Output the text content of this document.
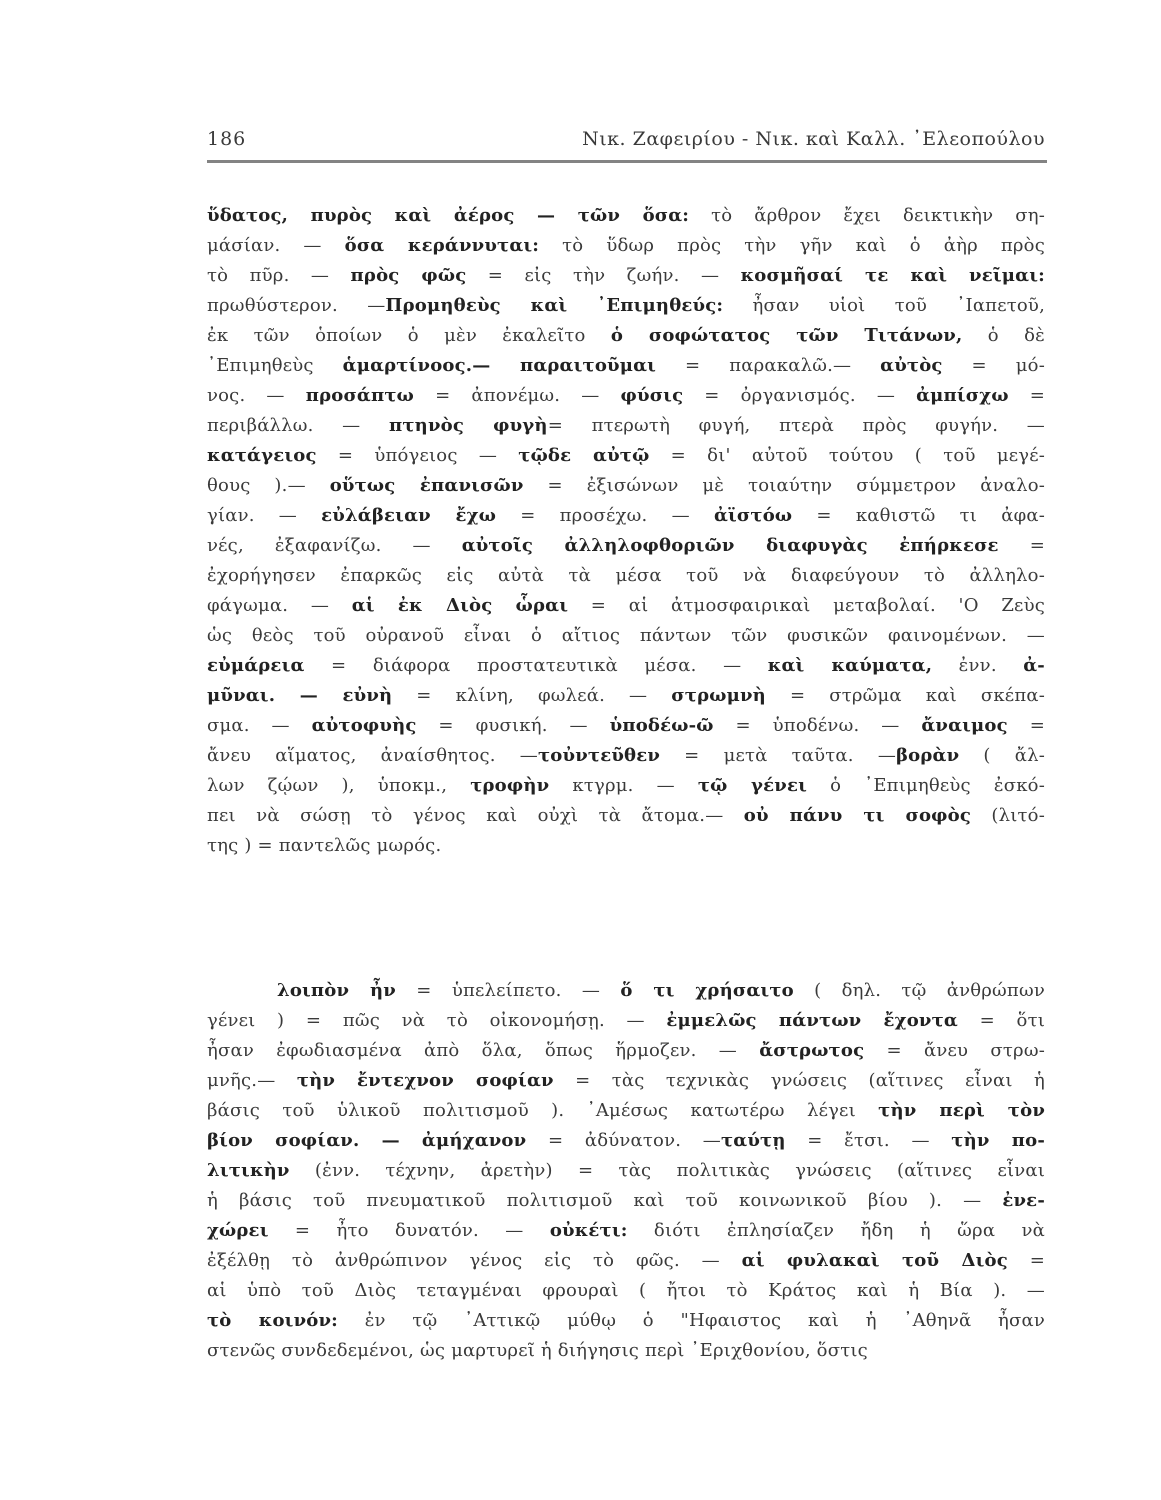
186	Νικ. Ζαφειρίου - Νικ. καὶ Καλλ. ᾿Ελεοπούλου
ὕδατος, πυρὸς καὶ ἀέρος — τῶν ὅσα: τὸ ἄρθρον ἔχει δεικτικὴν ση-
μάσίαν. — ὅσα κεράννυται: τὸ ὕδωρ πρὸς τὴν γῆν καὶ ὁ ἀὴρ πρὸς
τὸ πῦρ. — πρὸς φῶς = εἰς τὴν ζωήν. — κοσμῆσαί τε καὶ νεῖμαι:
πρωθύστερον. —Προμηθεὺς καὶ ᾿Επιμηθεύς: ἦσαν υἱοὶ τοῦ ᾿Ιαπετοῦ,
ἐκ τῶν ὁποίων ὁ μὲν ἐκαλεῖτο ὁ σοφώτατος τῶν Τιτάνων, ὁ δὲ
᾿Επιμηθεὺς ἁμαρτίνοος.— παραιτοῦμαι = παρακαλῶ.— αὐτὸς = μό-
νος. — προσάπτω = ἀπονέμω. — φύσις = ὀργανισμός. — ἀμπίσχω =
περιβάλλω. — πτηνὸς φυγὴ= πτερωτὴ φυγή, πτερὰ πρὸς φυγήν. —
κατάγειος = ὑπόγειος — τῷδε αὐτῷ = δι' αὐτοῦ τούτου ( τοῦ μεγέ-
θους ).— οὕτως ἐπανισῶν = ἐξισώνων μὲ τοιαύτην σύμμετρον ἀναλο-
γίαν. — εὐλάβειαν ἔχω = προσέχω. — ἀϊστόω = καθιστῶ τι ἀφα-
νές, ἐξαφανίζω. — αὐτοῖς ἀλληλοφθοριῶν διαφυγὰς ἐπήρκεσε =
ἐχορήγησεν ἐπαρκῶς εἰς αὐτὰ τὰ μέσα τοῦ νὰ διαφεύγουν τὸ ἀλληλο-
φάγωμα. — αἱ ἐκ Διὸς ὧραι = αἱ ἀτμοσφαιρικαὶ μεταβολαί. 'Ο Ζεὺς
ὡς θεὸς τοῦ οὐρανοῦ εἶναι ὁ αἴτιος πάντων τῶν φυσικῶν φαινομένων. —
εὐμάρεια = διάφορα προστατευτικὰ μέσα. — καὶ καύματα, ἐνν. ἀ-
μῦναι. — εὐνὴ = κλίνη, φωλεά. — στρωμνὴ = στρῶμα καὶ σκέπα-
σμα. — αὐτοφυὴς = φυσική. — ὑποδέω-ῶ = ὑποδένω. — ἄναιμος =
ἄνευ αἵματος, ἀναίσθητος. —τοὐντεῦθεν = μετὰ ταῦτα. —βορὰν ( ἄλ-
λων ζῴων ), ὑποκμ., τροφὴν κτγρμ. — τῷ γένει ὁ ᾿Επιμηθεὺς ἐσκό-
πει νὰ σώσῃ τὸ γένος καὶ οὐχὶ τὰ ἄτομα.— οὐ πάνυ τι σοφὸς (λιτό-
της ) = παντελῶς μωρός.
λοιπὸν ἦν = ὑπελείπετο. — ὅ τι χρήσαιτο ( δηλ. τῷ ἀνθρώπων
γένει ) = πῶς νὰ τὸ οἰκονομήσῃ. — ἐμμελῶς πάντων ἔχοντα = ὅτι
ἦσαν ἐφωδιασμένα ἀπὸ ὅλα, ὅπως ἥρμοζεν. — ἄστρωτος = ἄνευ στρω-
μνῆς.— τὴν ἔντεχνον σοφίαν = τὰς τεχνικὰς γνώσεις (αἵτινες εἶναι ἡ
βάσις τοῦ ὑλικοῦ πολιτισμοῦ ). ᾿Αμέσως κατωτέρω λέγει τὴν περὶ τὸν
βίον σοφίαν. — ἀμήχανον = ἀδύνατον. —ταύτῃ = ἔτσι. — τὴν πο-
λιτικὴν (ἐνν. τέχνην, ἀρετὴν) = τὰς πολιτικὰς γνώσεις (αἵτινες εἶναι
ἡ βάσις τοῦ πνευματικοῦ πολιτισμοῦ καὶ τοῦ κοινωνικοῦ βίου ). — ἐνε-
χώρει = ἦτο δυνατόν. — οὐκέτι: διότι ἐπλησίαζεν ἤδη ἡ ὥρα νὰ
ἐξέλθῃ τὸ ἀνθρώπινον γένος εἰς τὸ φῶς. — αἱ φυλακαὶ τοῦ Διὸς =
αἱ ὑπὸ τοῦ Διὸς τεταγμέναι φρουραὶ ( ἤτοι τὸ Κράτος καὶ ἡ Βία ). —
τὸ κοινόν: ἐν τῷ ᾿Αττικῷ μύθῳ ὁ "Ηφαιστος καὶ ἡ ᾿Αθηνᾶ ἦσαν
στενῶς συνδεδεμένοι, ὡς μαρτυρεῖ ἡ διήγησις περὶ ᾿Εριχθονίου, ὅστις
